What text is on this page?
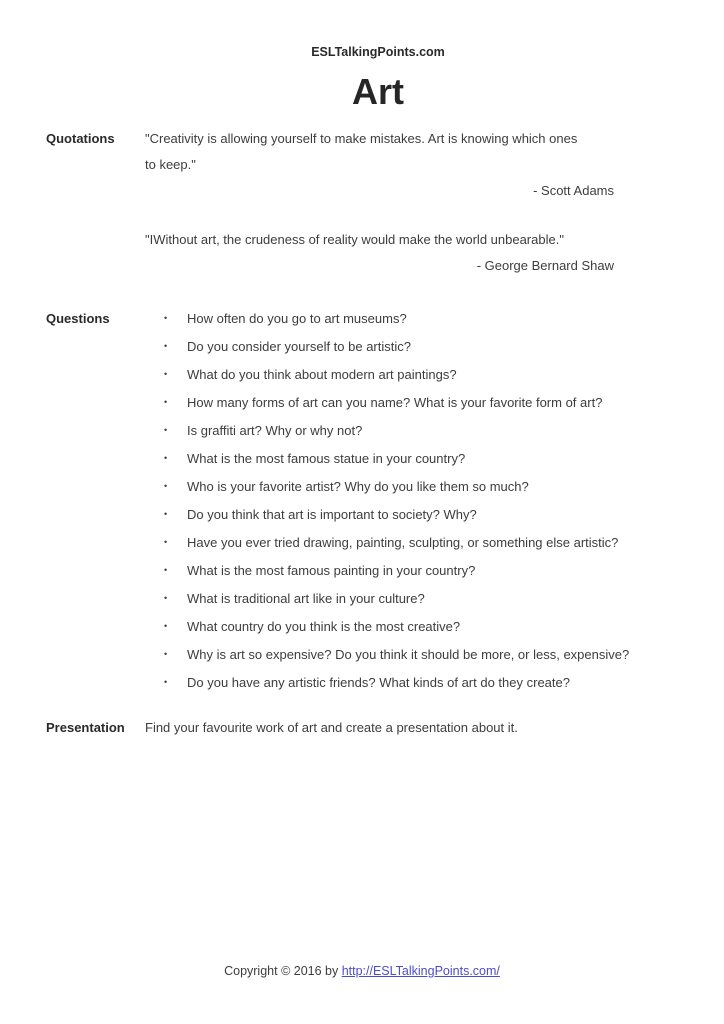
ESLTalkingPoints.com
Art
Quotations	"Creativity is allowing yourself to make mistakes. Art is knowing which ones
to keep."
- Scott Adams
"IWithout art, the crudeness of reality would make the world unbearable."
- George Bernard Shaw
Questions	•	How often do you go to art museums?
•	Do you consider yourself to be artistic?
•	What do you think about modern art paintings?
•	How many forms of art can you name? What is your favorite form of art?
•	Is graffiti art? Why or why not?
•	What is the most famous statue in your country?
•	Who is your favorite artist? Why do you like them so much?
•	Do you think that art is important to society? Why?
•	Have you ever tried drawing, painting, sculpting, or something else artistic?
•	What is the most famous painting in your country?
•	What is traditional art like in your culture?
•	What country do you think is the most creative?
•	Why is art so expensive? Do you think it should be more, or less, expensive?
•	Do you have any artistic friends? What kinds of art do they create?
Presentation	Find your favourite work of art and create a presentation about it.
Copyright © 2016 by http://ESLTalkingPoints.com/
